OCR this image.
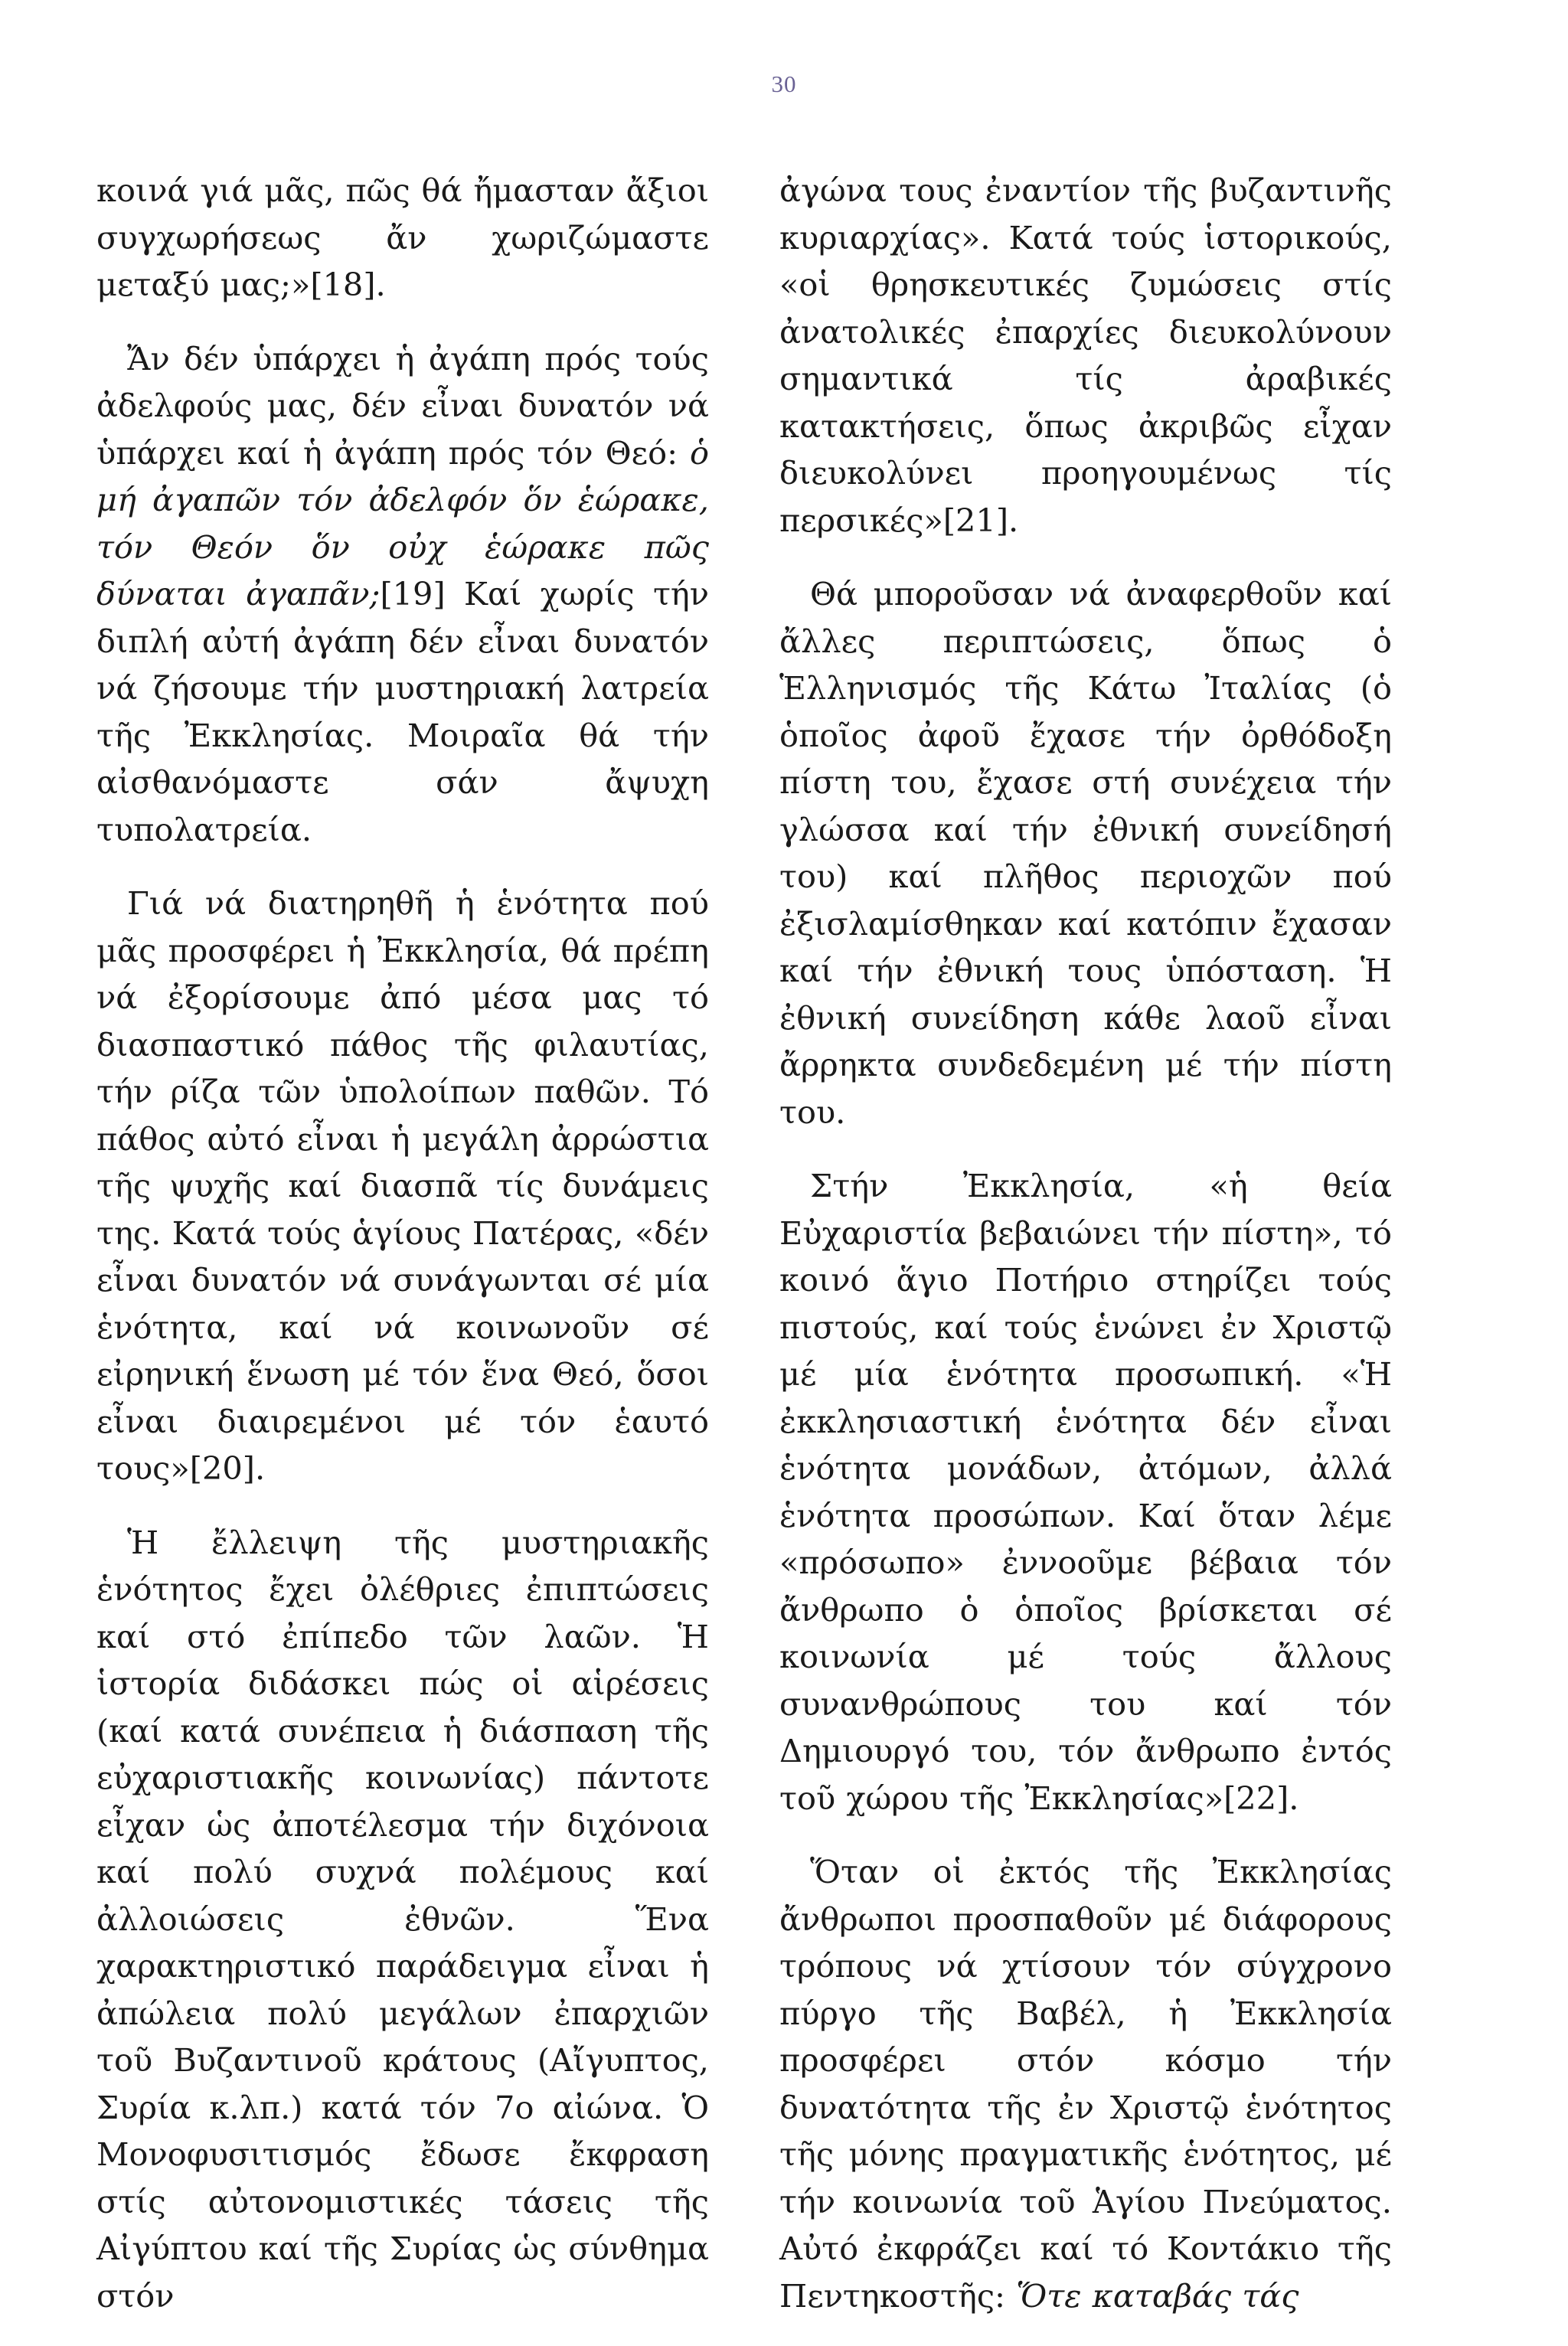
30

κοινά γιά μᾶς, πῶς θά ἤμασταν ἄξιοι συγχωρήσεως ἄν χωριζώμαστε μεταξύ μας;»[18].

Ἄν δέν ὑπάρχει ἡ ἀγάπη πρός τούς ἀδελφούς μας, δέν εἶναι δυνατόν νά ὑπάρχει καί ἡ ἀγάπη πρός τόν Θεό: ὁ μή ἀγαπῶν τόν ἀδελφόν ὅν ἑώρακε, τόν Θεόν ὅν οὐχ ἑώρακε πῶς δύναται ἀγαπᾶν;[19] Καί χωρίς τήν διπλή αὐτή ἀγάπη δέν εἶναι δυνατόν νά ζήσουμε τήν μυστηριακή λατρεία τῆς Ἐκκλησίας. Μοιραῖα θά τήν αἰσθανόμαστε σάν ἄψυχη τυπολατρεία.

Γιά νά διατηρηθῆ ἡ ἑνότητα πού μᾶς προσφέρει ἡ Ἐκκλησία, θά πρέπη νά ἐξορίσουμε ἀπό μέσα μας τό διασπαστικό πάθος τῆς φιλαυτίας, τήν ρίζα τῶν ὑπολοίπων παθῶν. Τό πάθος αὐτό εἶναι ἡ μεγάλη ἀρρώστια τῆς ψυχῆς καί διασπᾶ τίς δυνάμεις της. Κατά τούς ἁγίους Πατέρας, «δέν εἶναι δυνατόν νά συνάγωνται σέ μία ἑνότητα, καί νά κοινωνοῦν σέ εἰρηνική ἕνωση μέ τόν ἕνα Θεό, ὅσοι εἶναι διαιρεμένοι μέ τόν ἑαυτό τους»[20].

Ἡ ἔλλειψη τῆς μυστηριακῆς ἑνότητος ἔχει ὀλέθριες ἐπιπτώσεις καί στό ἐπίπεδο τῶν λαῶν. Ἡ ἱστορία διδάσκει πώς οἱ αἱρέσεις (καί κατά συνέπεια ἡ διάσπαση τῆς εὐχαριστιακῆς κοινωνίας) πάντοτε εἶχαν ὡς ἀποτέλεσμα τήν διχόνοια καί πολύ συχνά πολέμους καί ἀλλοιώσεις ἐθνῶν. Ἕνα χαρακτηριστικό παράδειγμα εἶναι ἡ ἀπώλεια πολύ μεγάλων ἐπαρχιῶν τοῦ Βυζαντινοῦ κράτους (Αἴγυπτος, Συρία κ.λπ.) κατά τόν 7ο αἰώνα. Ὁ Μονοφυσιτισμός ἔδωσε ἔκφραση στίς αὐτονομιστικές τάσεις τῆς Αἰγύπτου καί τῆς Συρίας ὡς σύνθημα στόν

ἀγώνα τους ἐναντίον τῆς βυζαντινῆς κυριαρχίας». Κατά τούς ἱστορικούς, «οἱ θρησκευτικές ζυμώσεις στίς ἀνατολικές ἐπαρχίες διευκολύνουν σημαντικά τίς ἀραβικές κατακτήσεις, ὅπως ἀκριβῶς εἶχαν διευκολύνει προηγουμένως τίς περσικές»[21].

Θά μποροῦσαν νά ἀναφερθοῦν καί ἄλλες περιπτώσεις, ὅπως ὁ Ἑλληνισμός τῆς Κάτω Ἰταλίας (ὁ ὁποῖος ἀφοῦ ἔχασε τήν ὀρθόδοξη πίστη του, ἔχασε στή συνέχεια τήν γλώσσα καί τήν ἐθνική συνείδησή του) καί πλῆθος περιοχῶν πού ἐξισλαμίσθηκαν καί κατόπιν ἔχασαν καί τήν ἐθνική τους ὑπόσταση. Ἡ ἐθνική συνείδηση κάθε λαοῦ εἶναι ἄρρηκτα συνδεδεμένη μέ τήν πίστη του.

Στήν Ἐκκλησία, «ἡ θεία Εὐχαριστία βεβαιώνει τήν πίστη», τό κοινό ἅγιο Ποτήριο στηρίζει τούς πιστούς, καί τούς ἑνώνει ἐν Χριστῷ μέ μία ἑνότητα προσωπική. «Ἡ ἐκκλησιαστική ἑνότητα δέν εἶναι ἑνότητα μονάδων, ἀτόμων, ἀλλά ἑνότητα προσώπων. Καί ὅταν λέμε «πρόσωπο» ἐννοοῦμε βέβαια τόν ἄνθρωπο ὁ ὁποῖος βρίσκεται σέ κοινωνία μέ τούς ἄλλους συνανθρώπους του καί τόν Δημιουργό του, τόν ἄνθρωπο ἐντός τοῦ χώρου τῆς Ἐκκλησίας»[22].

Ὅταν οἱ ἐκτός τῆς Ἐκκλησίας ἄνθρωποι προσπαθοῦν μέ διάφορους τρόπους νά χτίσουν τόν σύγχρονο πύργο τῆς Βαβέλ, ἡ Ἐκκλησία προσφέρει στόν κόσμο τήν δυνατότητα τῆς ἐν Χριστῷ ἑνότητος τῆς μόνης πραγματικῆς ἑνότητος, μέ τήν κοινωνία τοῦ Ἁγίου Πνεύματος. Αὐτό ἐκφράζει καί τό Κοντάκιο τῆς Πεντηκοστῆς: Ὅτε καταβάς τάς
